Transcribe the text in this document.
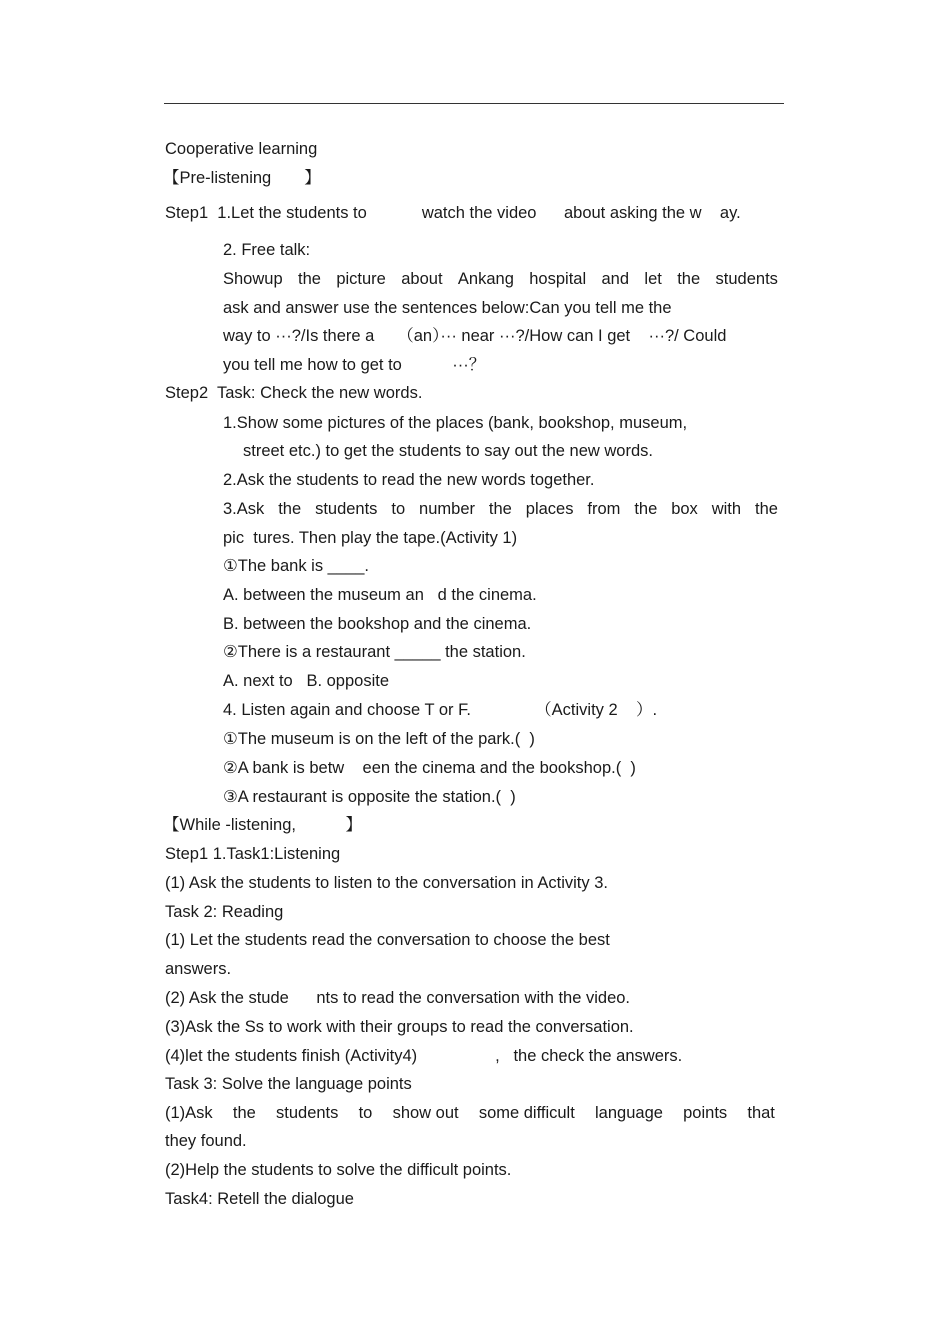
Cooperative learning
【Pre-listening　　】
Step1  1.Let the students to            watch the video      about asking the w    ay.
2. Free talk:
Showup the picture about Ankang hospital and let the students
ask and answer use the sentences below:Can you tell me the
way to ···?/Is there a     （an）··· near ···?/How can I get    ···?/ Could
you tell me how to get to           ···？
Step2  Task: Check the new words.
1.Show some pictures of the places (bank, bookshop, museum,
street etc.) to get the students to say out the new words.
2.Ask the students to read the new words together.
3.Ask the students to number the places from the box with the
pic  tures. Then play the tape.(Activity 1)
①The bank is ____.
A. between the museum an   d the cinema.
B. between the bookshop and the cinema.
②There is a restaurant _____ the station.
A. next to   B. opposite
4. Listen again and choose T or F.              （Activity 2    ）.
①The museum is on the left of the park.(  )
②A bank is betw    een the cinema and the bookshop.(  )
③A restaurant is opposite the station.(  )
【While -listening,　　　】
Step1 1.Task1:Listening
(1) Ask the students to listen to the conversation in Activity 3.
Task 2: Reading
(1) Let the students read the conversation to choose the best
answers.
(2) Ask the stude      nts to read the conversation with the video.
(3)Ask the Ss to work with their groups to read the conversation.
(4)let the students finish (Activity4)                 ,   the check the answers.
Task 3: Solve the language points
(1)Ask the students to show out some difficult language points that
they found.
(2)Help the students to solve the difficult points.
Task4: Retell the dialogue
